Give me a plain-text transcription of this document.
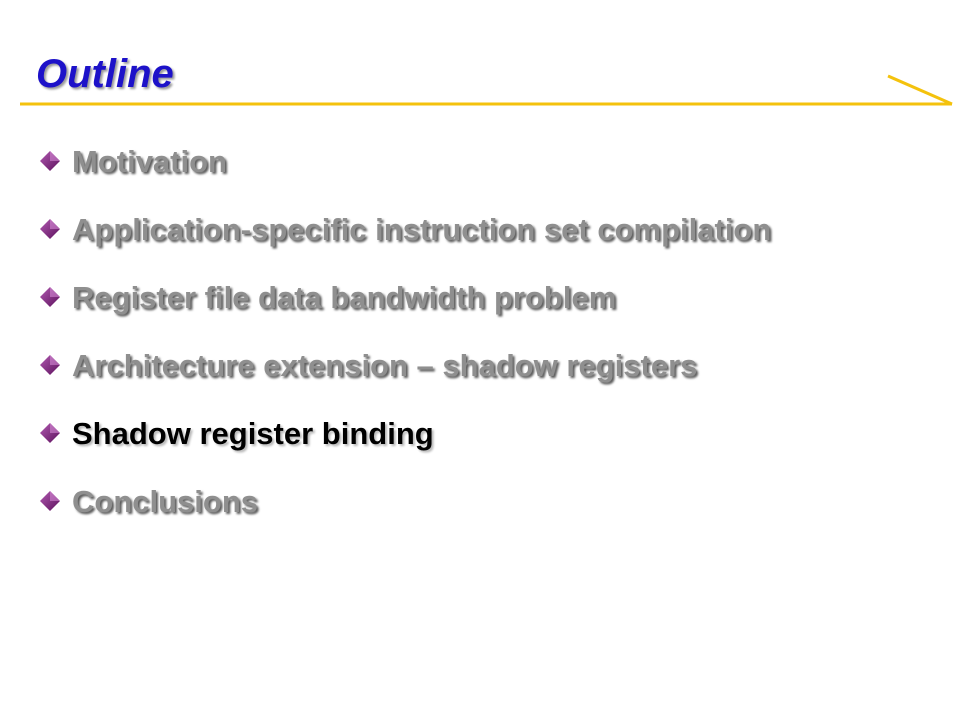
Outline
Motivation
Application-specific instruction set compilation
Register file data bandwidth problem
Architecture extension – shadow registers
Shadow register binding
Conclusions
